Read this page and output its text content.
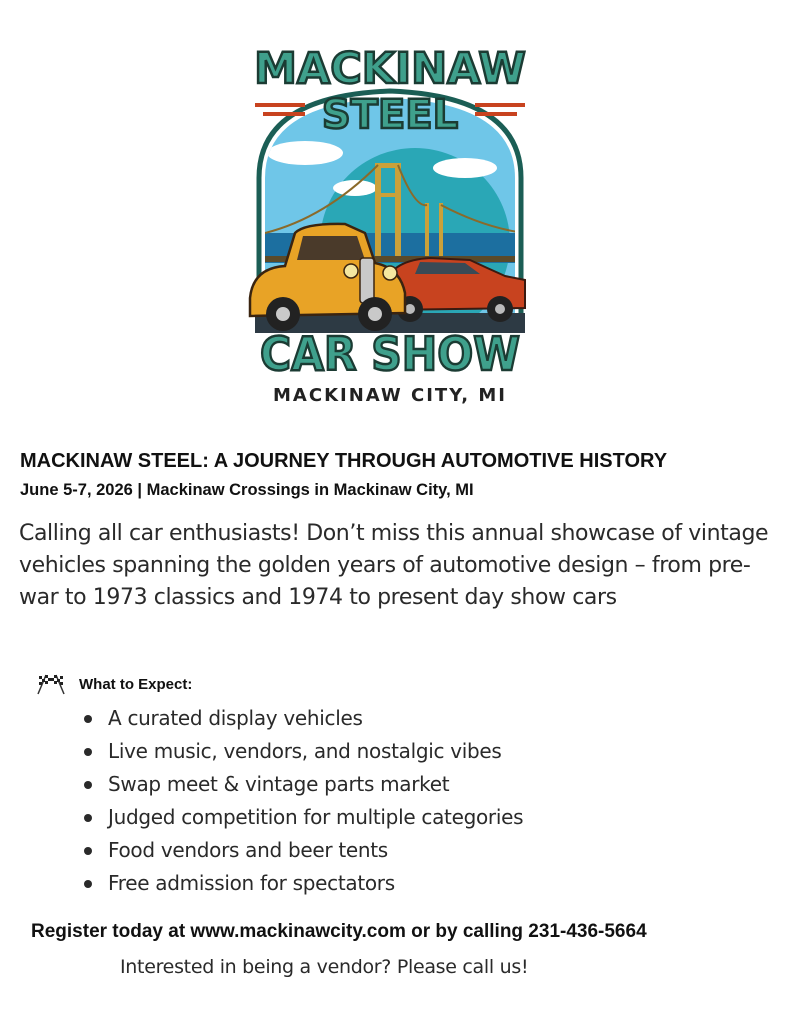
MACKINAW
STEEL
CAR SHOW
MACKINAW CITY, MI

MACKINAW STEEL: A JOURNEY THROUGH AUTOMOTIVE HISTORY

June 5-7, 2026 | Mackinaw Crossings in Mackinaw City, MI

Calling all car enthusiasts! Don’t miss this annual showcase of vintage vehicles spanning the golden years of automotive design – from pre-war to 1973 classics and 1974 to present day show cars

What to Expect:
A curated display vehicles
Live music, vendors, and nostalgic vibes
Swap meet & vintage parts market
Judged competition for multiple categories
Food vendors and beer tents
Free admission for spectators

Register today at www.mackinawcity.com or by calling 231-436-5664

Interested in being a vendor? Please call us!
